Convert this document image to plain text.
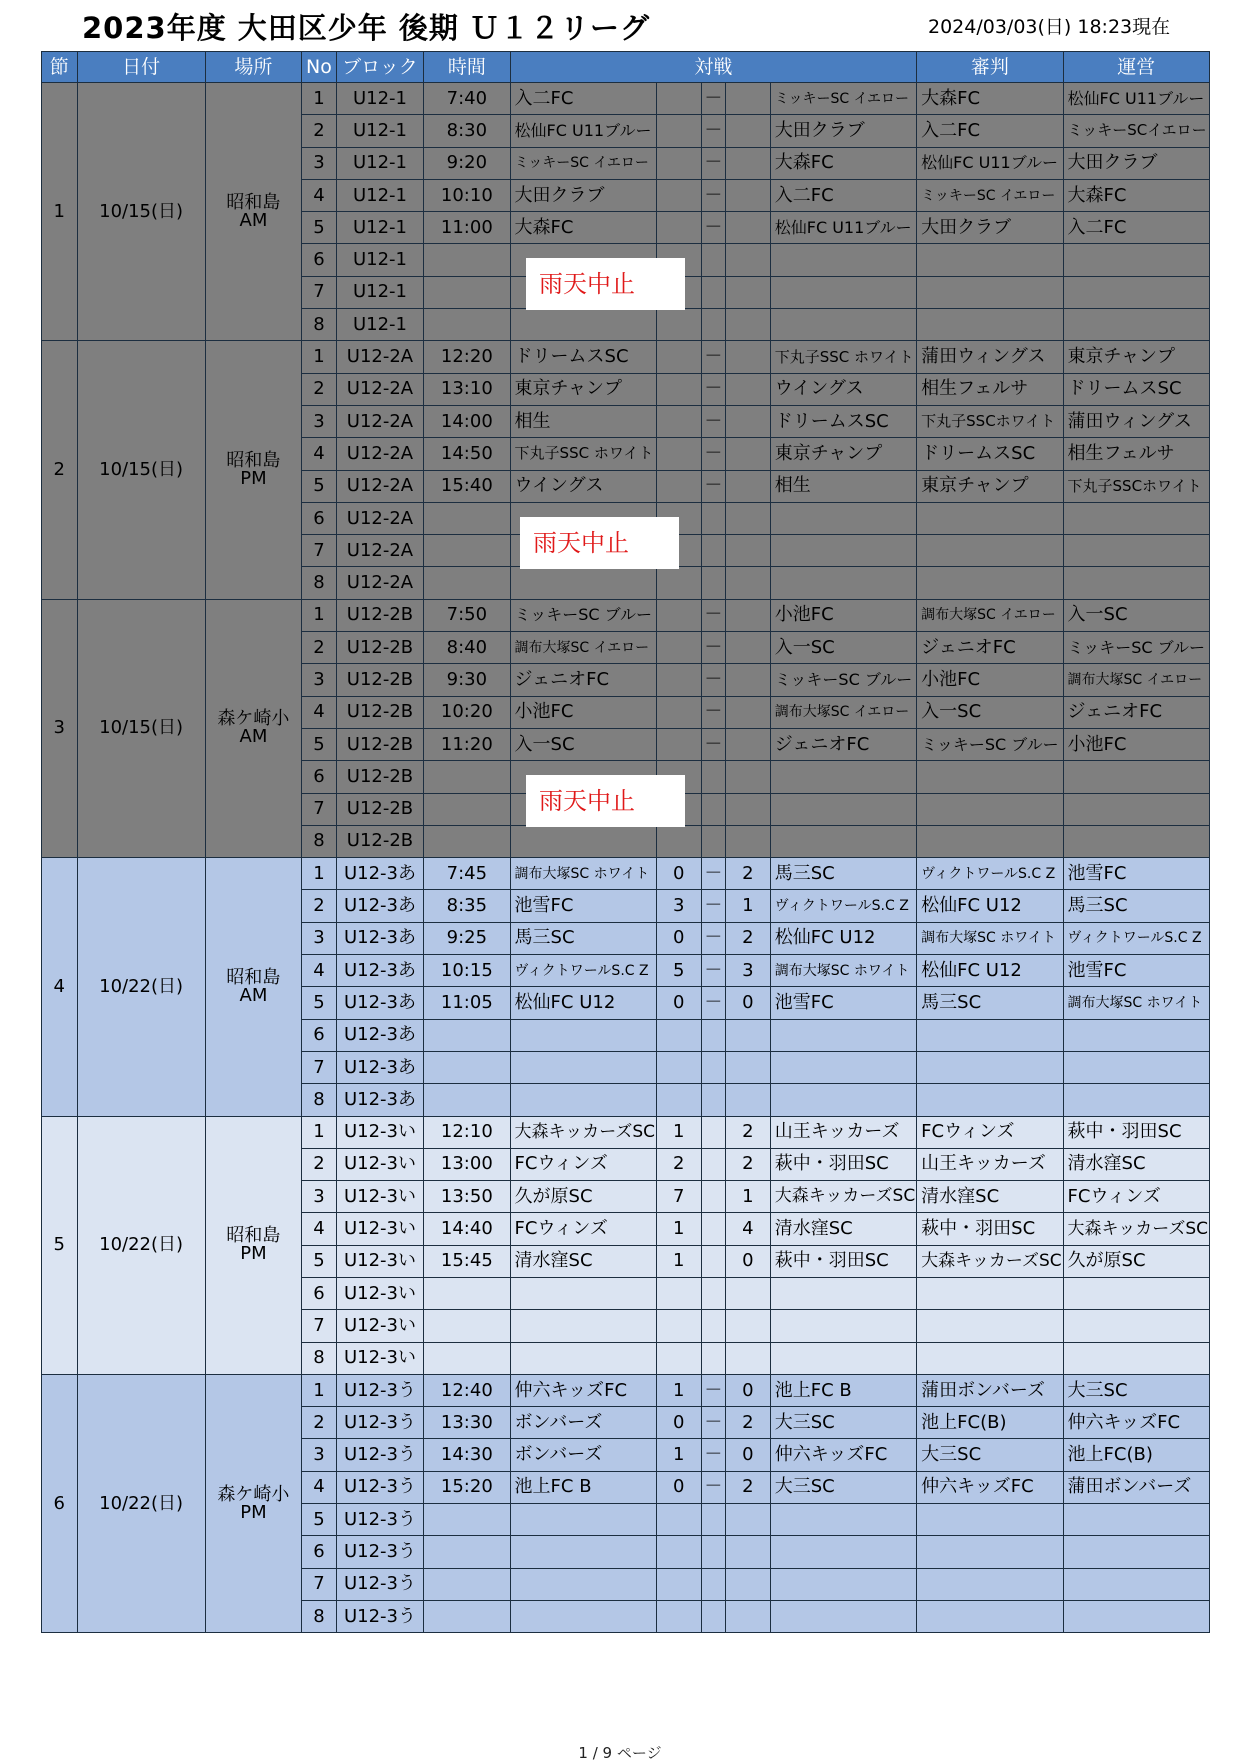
2023年度 大田区少年 後期 Ｕ１２リーグ	2024/03/03(日) 18:23現在
節	日付	場所	No	ブロック	時間	対戦					審判	運営
1	10/15(日)	昭和島
AM	1	U12-1	7:40	入二FC		－		ミッキーSC イエロー	大森FC	松仙FC U11ブルー
			2	U12-1	8:30	松仙FC U11ブルー		－		大田クラブ	入二FC	ミッキーSCイエロー
			3	U12-1	9:20	ミッキーSC イエロー		－		大森FC	松仙FC U11ブルー	大田クラブ
			4	U12-1	10:10	大田クラブ		－		入二FC	ミッキーSC イエロー	大森FC
			5	U12-1	11:00	大森FC		－		松仙FC U11ブルー	大田クラブ	入二FC
			6	U12-1								
			7	U12-1								
			8	U12-1								
2	10/15(日)	昭和島
PM	1	U12-2A	12:20	ドリームスSC		－		下丸子SSC ホワイト	蒲田ウィングス	東京チャンプ
			2	U12-2A	13:10	東京チャンプ		－		ウイングス	相生フェルサ	ドリームスSC
			3	U12-2A	14:00	相生		－		ドリームスSC	下丸子SSCホワイト	蒲田ウィングス
			4	U12-2A	14:50	下丸子SSC ホワイト		－		東京チャンプ	ドリームスSC	相生フェルサ
			5	U12-2A	15:40	ウイングス		－		相生	東京チャンプ	下丸子SSCホワイト
			6	U12-2A								
			7	U12-2A								
			8	U12-2A								
3	10/15(日)	森ケ崎小
AM	1	U12-2B	7:50	ミッキーSC ブルー		－		小池FC	調布大塚SC イエロー	入一SC
			2	U12-2B	8:40	調布大塚SC イエロー		－		入一SC	ジェニオFC	ミッキーSC ブルー
			3	U12-2B	9:30	ジェニオFC		－		ミッキーSC ブルー	小池FC	調布大塚SC イエロー
			4	U12-2B	10:20	小池FC		－		調布大塚SC イエロー	入一SC	ジェニオFC
			5	U12-2B	11:20	入一SC		－		ジェニオFC	ミッキーSC ブルー	小池FC
			6	U12-2B								
			7	U12-2B								
			8	U12-2B								
4	10/22(日)	昭和島
AM	1	U12-3あ	7:45	調布大塚SC ホワイト	0	－	2	馬三SC	ヴィクトワールS.C Z	池雪FC
			2	U12-3あ	8:35	池雪FC	3	－	1	ヴィクトワールS.C Z	松仙FC U12	馬三SC
			3	U12-3あ	9:25	馬三SC	0	－	2	松仙FC U12	調布大塚SC ホワイト	ヴィクトワールS.C Z
			4	U12-3あ	10:15	ヴィクトワールS.C Z	5	－	3	調布大塚SC ホワイト	松仙FC U12	池雪FC
			5	U12-3あ	11:05	松仙FC U12	0	－	0	池雪FC	馬三SC	調布大塚SC ホワイト
			6	U12-3あ								
			7	U12-3あ								
			8	U12-3あ								
5	10/22(日)	昭和島
PM	1	U12-3い	12:10	大森キッカーズSC	1		2	山王キッカーズ	FCウィンズ	萩中・羽田SC
			2	U12-3い	13:00	FCウィンズ	2		2	萩中・羽田SC	山王キッカーズ	清水窪SC
			3	U12-3い	13:50	久が原SC	7		1	大森キッカーズSC	清水窪SC	FCウィンズ
			4	U12-3い	14:40	FCウィンズ	1		4	清水窪SC	萩中・羽田SC	大森キッカーズSC
			5	U12-3い	15:45	清水窪SC	1		0	萩中・羽田SC	大森キッカーズSC	久が原SC
			6	U12-3い								
			7	U12-3い								
			8	U12-3い								
6	10/22(日)	森ケ崎小
PM	1	U12-3う	12:40	仲六キッズFC	1	－	0	池上FC B	蒲田ボンバーズ	大三SC
			2	U12-3う	13:30	ボンバーズ	0	－	2	大三SC	池上FC(B)	仲六キッズFC
			3	U12-3う	14:30	ボンバーズ	1	－	0	仲六キッズFC	大三SC	池上FC(B)
			4	U12-3う	15:20	池上FC B	0	－	2	大三SC	仲六キッズFC	蒲田ボンバーズ
			5	U12-3う								
			6	U12-3う								
			7	U12-3う								
			8	U12-3う								
雨天中止
雨天中止
雨天中止
1 / 9 ページ
